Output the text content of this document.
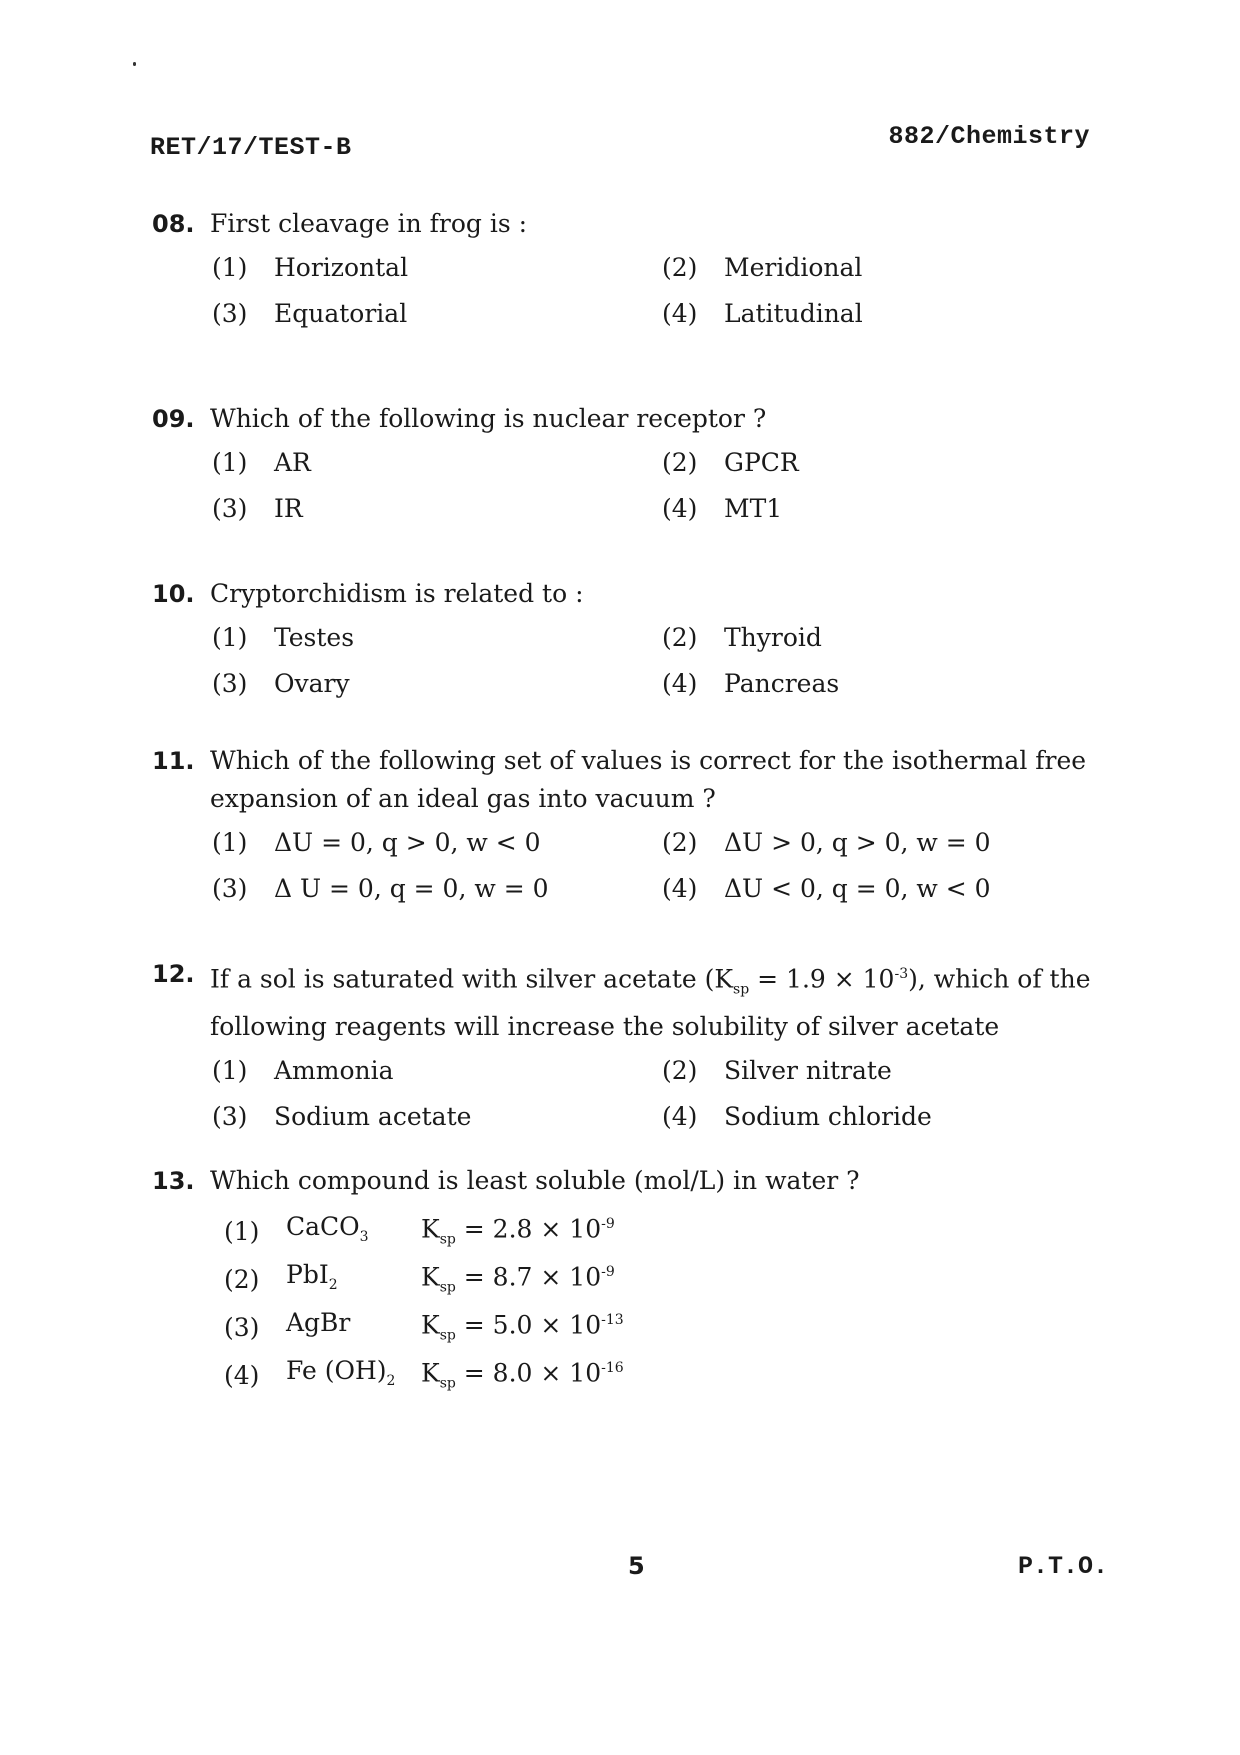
RET/17/TEST-B	882/Chemistry
08. First cleavage in frog is :
(1)	Horizontal	(2)	Meridional
(3)	Equatorial	(4)	Latitudinal
09. Which of the following is nuclear receptor ?
(1)	AR	(2)	GPCR
(3)	IR	(4)	MT1
10. Cryptorchidism is related to :
(1)	Testes	(2)	Thyroid
(3)	Ovary	(4)	Pancreas
11. Which of the following set of values is correct for the isothermal free expansion of an ideal gas into vacuum ?
(1)	ΔU = 0, q > 0, w < 0	(2)	ΔU > 0, q > 0, w = 0
(3)	Δ U = 0, q = 0, w = 0	(4)	ΔU < 0, q = 0, w < 0
12. If a sol is saturated with silver acetate $(K_{sp} = 1.9 \times 10^{-3})$, which of the following reagents will increase the solubility of silver acetate
(1)	Ammonia	(2)	Silver nitrate
(3)	Sodium acetate	(4)	Sodium chloride
13. Which compound is least soluble (mol/L) in water ?
(1)	CaCO$_3$	$K_{sp} = 2.8 \times 10^{-9}$
(2)	PbI$_2$	$K_{sp} = 8.7 \times 10^{-9}$
(3)	AgBr	$K_{sp} = 5.0 \times 10^{-13}$
(4)	Fe $(OH)_2$	$K_{sp} = 8.0 \times 10^{-16}$
5	P.T.O.
